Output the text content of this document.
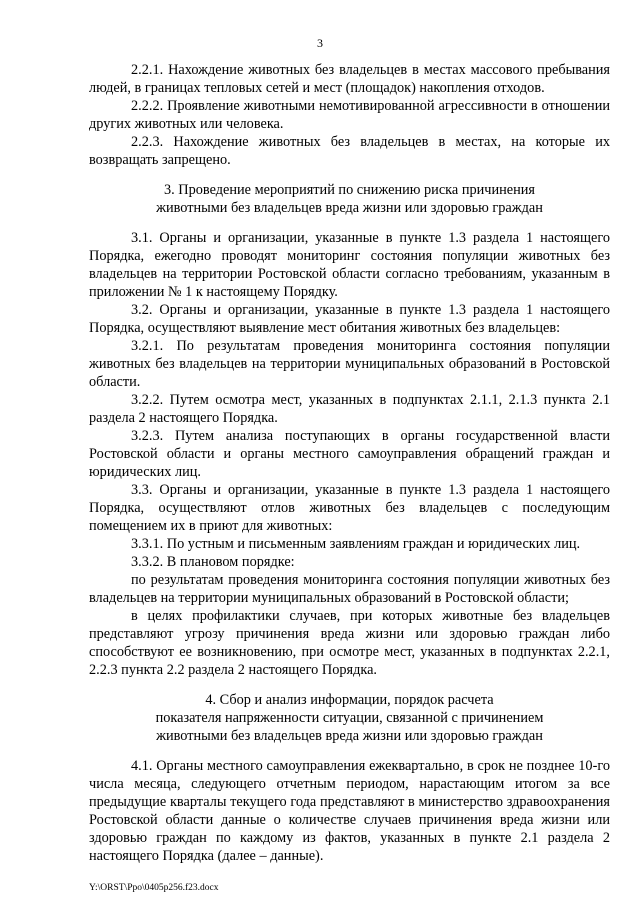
3

2.2.1. Нахождение животных без владельцев в местах массового пребывания людей, в границах тепловых сетей и мест (площадок) накопления отходов.

2.2.2. Проявление животными немотивированной агрессивности в отношении других животных или человека.

2.2.3. Нахождение животных без владельцев в местах, на которые их возвращать запрещено.

3. Проведение мероприятий по снижению риска причинения
животными без владельцев вреда жизни или здоровью граждан

3.1. Органы и организации, указанные в пункте 1.3 раздела 1 настоящего Порядка, ежегодно проводят мониторинг состояния популяции животных без владельцев на территории Ростовской области согласно требованиям, указанным в приложении № 1 к настоящему Порядку.

3.2. Органы и организации, указанные в пункте 1.3 раздела 1 настоящего Порядка, осуществляют выявление мест обитания животных без владельцев:

3.2.1. По результатам проведения мониторинга состояния популяции животных без владельцев на территории муниципальных образований в Ростовской области.

3.2.2. Путем осмотра мест, указанных в подпунктах 2.1.1, 2.1.3 пункта 2.1 раздела 2 настоящего Порядка.

3.2.3. Путем анализа поступающих в органы государственной власти Ростовской области и органы местного самоуправления обращений граждан и юридических лиц.

3.3. Органы и организации, указанные в пункте 1.3 раздела 1 настоящего Порядка, осуществляют отлов животных без владельцев с последующим помещением их в приют для животных:

3.3.1. По устным и письменным заявлениям граждан и юридических лиц.

3.3.2. В плановом порядке:

по результатам проведения мониторинга состояния популяции животных без владельцев на территории муниципальных образований в Ростовской области;

в целях профилактики случаев, при которых животные без владельцев представляют угрозу причинения вреда жизни или здоровью граждан либо способствуют ее возникновению, при осмотре мест, указанных в подпунктах 2.2.1, 2.2.3 пункта 2.2 раздела 2 настоящего Порядка.

4. Сбор и анализ информации, порядок расчета
показателя напряженности ситуации, связанной с причинением
животными без владельцев вреда жизни или здоровью граждан

4.1. Органы местного самоуправления ежеквартально, в срок не позднее 10-го числа месяца, следующего отчетным периодом, нарастающим итогом за все предыдущие кварталы текущего года представляют в министерство здравоохранения Ростовской области данные о количестве случаев причинения вреда жизни или здоровью граждан по каждому из фактов, указанных в пункте 2.1 раздела 2 настоящего Порядка (далее – данные).

Y:\ORST\Ppo\0405p256.f23.docx
